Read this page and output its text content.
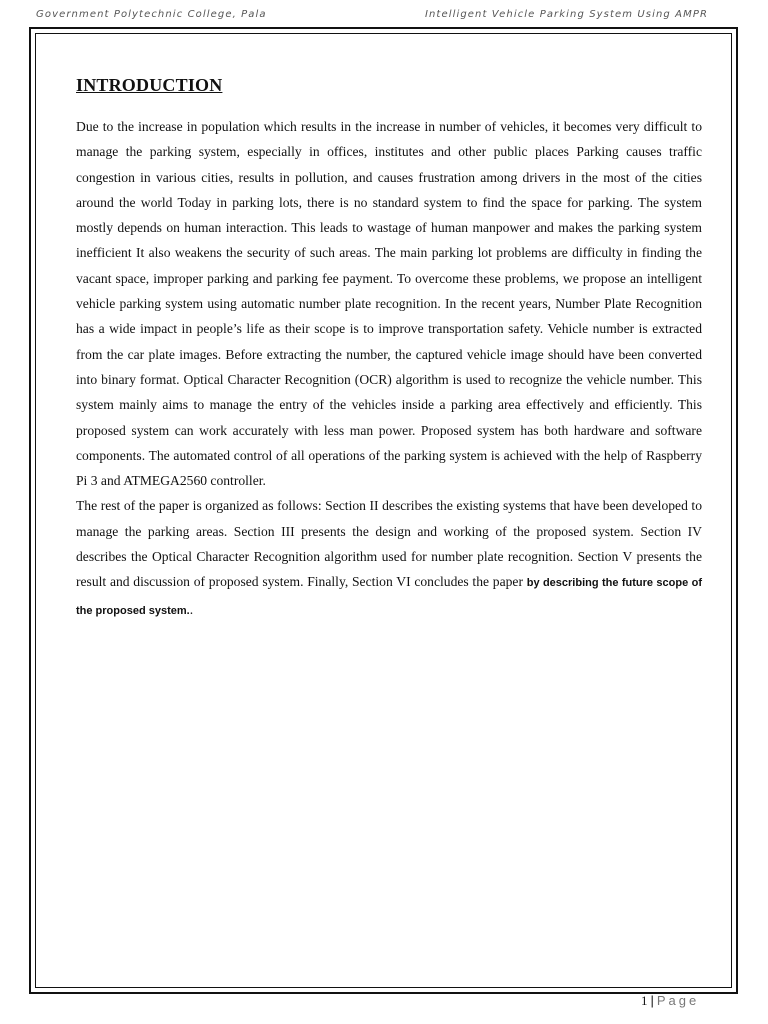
Government Polytechnic College, Pala	Intelligent Vehicle Parking System Using AMPR
INTRODUCTION

Due to the increase in population which results in the increase in number of vehicles, it becomes very difficult to manage the parking system, especially in offices, institutes and other public places Parking causes traffic congestion in various cities, results in pollution, and causes frustration among drivers in the most of the cities around the world Today in parking lots, there is no standard system to find the space for parking. The system mostly depends on human interaction. This leads to wastage of human manpower and makes the parking system inefficient It also weakens the security of such areas. The main parking lot problems are difficulty in finding the vacant space, improper parking and parking fee payment. To overcome these problems, we propose an intelligent vehicle parking system using automatic number plate recognition. In the recent years, Number Plate Recognition has a wide impact in people’s life as their scope is to improve transportation safety. Vehicle number is extracted from the car plate images. Before extracting the number, the captured vehicle image should have been converted into binary format. Optical Character Recognition (OCR) algorithm is used to recognize the vehicle number. This system mainly aims to manage the entry of the vehicles inside a parking area effectively and efficiently. This proposed system can work accurately with less man power. Proposed system has both hardware and software components. The automated control of all operations of the parking system is achieved with the help of Raspberry Pi 3 and ATMEGA2560 controller.

The rest of the paper is organized as follows: Section II describes the existing systems that have been developed to manage the parking areas. Section III presents the design and working of the proposed system. Section IV describes the Optical Character Recognition algorithm used for number plate recognition. Section V presents the result and discussion of proposed system. Finally, Section VI concludes the paper by describing the future scope of the proposed system..

1 | Page
